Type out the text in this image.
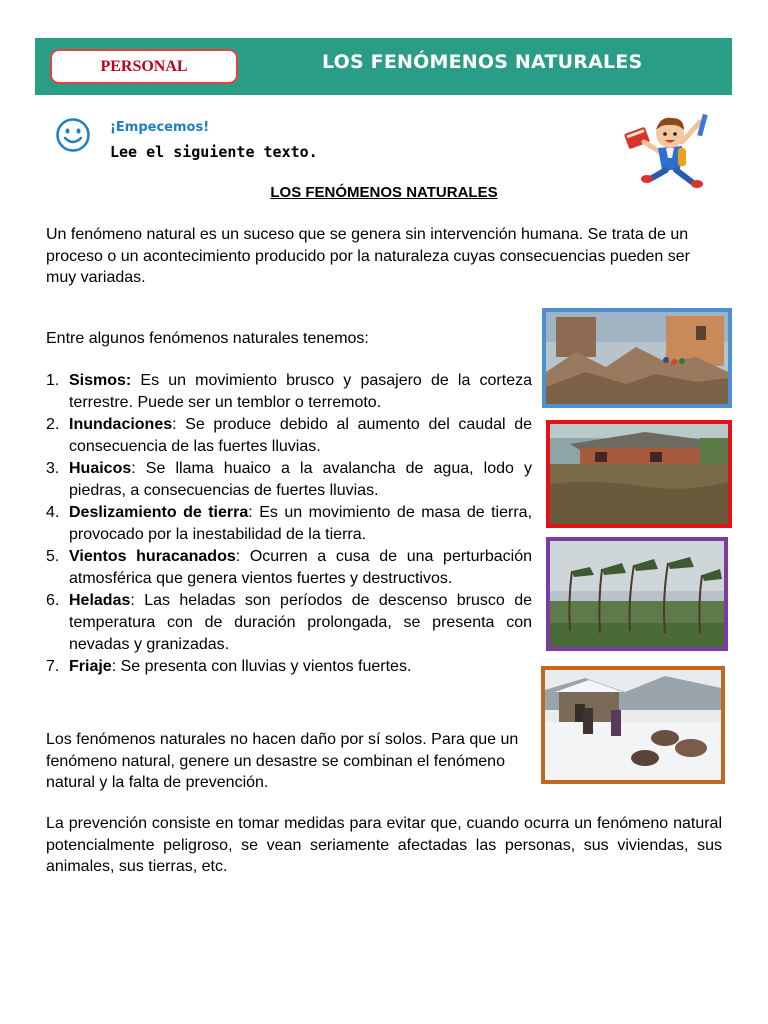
PERSONAL	LOS FENÓMENOS NATURALES
¡Empecemos!
Lee el siguiente texto.
LOS FENÓMENOS NATURALES
Un fenómeno natural es un suceso que se genera sin intervención humana. Se trata de un proceso o un acontecimiento producido por la naturaleza cuyas consecuencias pueden ser muy variadas.
Entre algunos fenómenos naturales tenemos:
1. Sismos: Es un movimiento brusco y pasajero de la corteza terrestre. Puede ser un temblor o terremoto.
2. Inundaciones: Se produce debido al aumento del caudal de consecuencia de las fuertes lluvias.
3. Huaicos: Se llama huaico a la avalancha de agua, lodo y piedras, a consecuencias de fuertes lluvias.
4. Deslizamiento de tierra: Es un movimiento de masa de tierra, provocado por la inestabilidad de la tierra.
5. Vientos huracanados: Ocurren a cusa de una perturbación atmosférica que genera vientos fuertes y destructivos.
6. Heladas: Las heladas son períodos de descenso brusco de temperatura con de duración prolongada, se presenta con nevadas y granizadas.
7. Friaje: Se presenta con lluvias y vientos fuertes.
Los fenómenos naturales no hacen daño por sí solos. Para que un fenómeno natural, genere un desastre se combinan el fenómeno natural y la falta de prevención.
La prevención consiste en tomar medidas para evitar que, cuando ocurra un fenómeno natural potencialmente peligroso, se vean seriamente afectadas las personas, sus viviendas, sus animales, sus tierras, etc.
